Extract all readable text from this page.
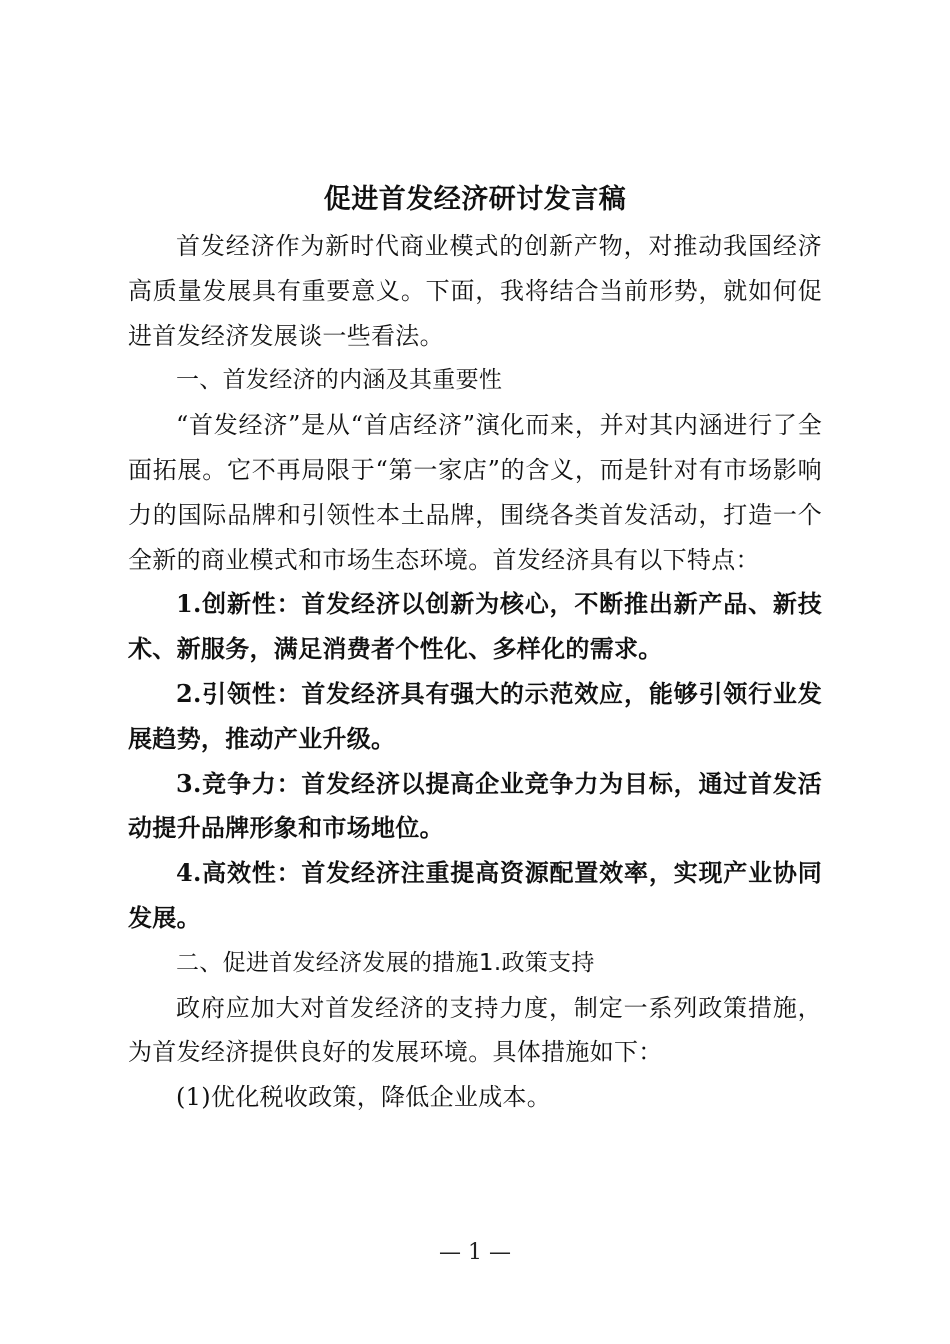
促进首发经济研讨发言稿

首发经济作为新时代商业模式的创新产物，对推动我国经济高质量发展具有重要意义。下面，我将结合当前形势，就如何促进首发经济发展谈一些看法。

一、首发经济的内涵及其重要性

“首发经济”是从“首店经济”演化而来，并对其内涵进行了全面拓展。它不再局限于“第一家店”的含义，而是针对有市场影响力的国际品牌和引领性本土品牌，围绕各类首发活动，打造一个全新的商业模式和市场生态环境。首发经济具有以下特点：

1.创新性：首发经济以创新为核心，不断推出新产品、新技术、新服务，满足消费者个性化、多样化的需求。

2.引领性：首发经济具有强大的示范效应，能够引领行业发展趋势，推动产业升级。

3.竞争力：首发经济以提高企业竞争力为目标，通过首发活动提升品牌形象和市场地位。

4.高效性：首发经济注重提高资源配置效率，实现产业协同发展。

二、促进首发经济发展的措施1.政策支持

政府应加大对首发经济的支持力度，制定一系列政策措施，为首发经济提供良好的发展环境。具体措施如下：

(1)优化税收政策，降低企业成本。

— 1 —
